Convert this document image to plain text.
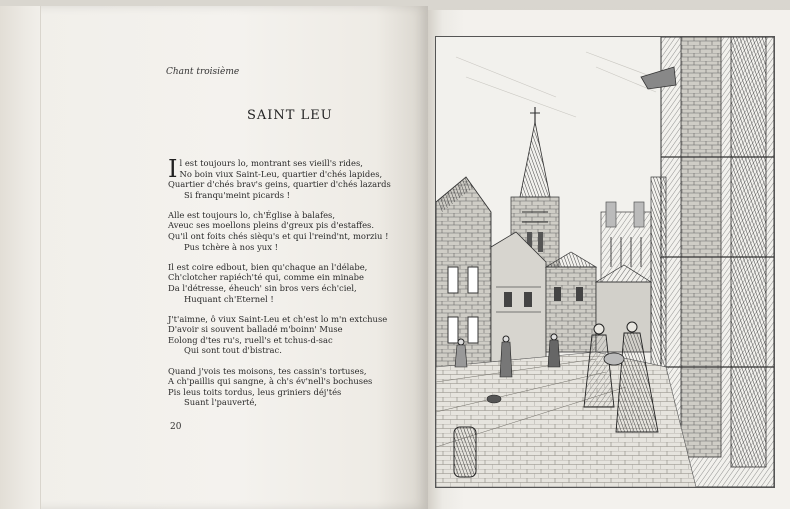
Chant troisième
SAINT LEU
I l est toujours lo, montrant ses vieill's rides,
No boin viux Saint-Leu, quartier d'chés lapides,
Quartier d'chés brav's geins, quartier d'chés lazards
Si franqu'meint picards !
Alle est toujours lo, ch'Église à balafes,
Aveuc ses moellons pleins d'greux pis d'estaffes.
Qu'il ont foits chés sièqu's et qui l'reind'nt, morziu !
Pus tchère à nos yux !
Il est coire edbout, bien qu'chaque an l'délabe,
Ch'clotcher rapiéch'té qui, comme ein minabe
Da l'détresse, éheuch' sin bros vers éch'ciel,
Huquant ch'Eternel !
J't'aimne, ô viux Saint-Leu et ch'est lo m'n extchuse
D'avoir si souvent balladé m'boinn' Muse
Eolong d'tes ru's, ruell's et tchus-d-sac
Qui sont tout d'bistrac.
Quand j'vois tes moisons, tes cassin's tortuses,
A ch'paillis qui sangne, à ch's év'nell's bochuses
Pis leus toits tordus, leus griniers déj'tés
Suant l'pauverté,
20
